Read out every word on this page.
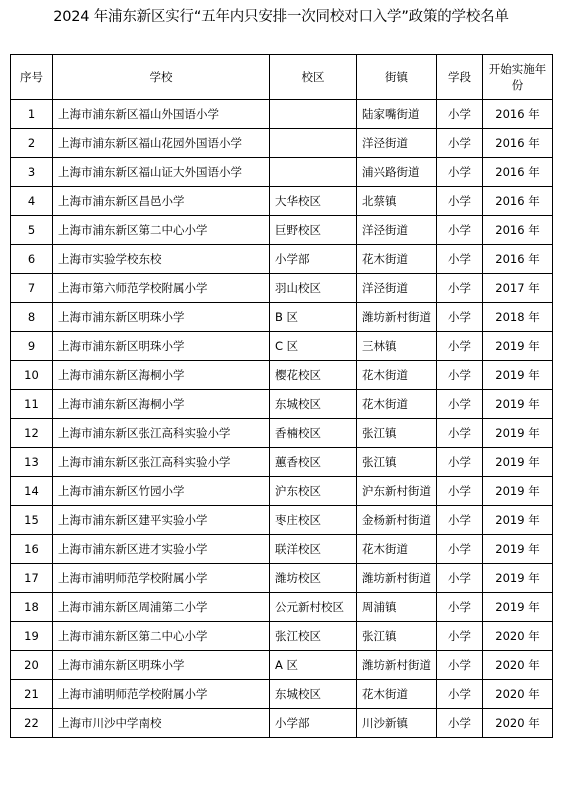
2024 年浦东新区实行“五年内只安排一次同校对口入学”政策的学校名单
序号	学校	校区	街镇	学段	开始实施年份
1	上海市浦东新区福山外国语小学		陆家嘴街道	小学	2016 年
2	上海市浦东新区福山花园外国语小学		洋泾街道	小学	2016 年
3	上海市浦东新区福山证大外国语小学		浦兴路街道	小学	2016 年
4	上海市浦东新区昌邑小学	大华校区	北蔡镇	小学	2016 年
5	上海市浦东新区第二中心小学	巨野校区	洋泾街道	小学	2016 年
6	上海市实验学校东校	小学部	花木街道	小学	2016 年
7	上海市第六师范学校附属小学	羽山校区	洋泾街道	小学	2017 年
8	上海市浦东新区明珠小学	B 区	潍坊新村街道	小学	2018 年
9	上海市浦东新区明珠小学	C 区	三林镇	小学	2019 年
10	上海市浦东新区海桐小学	樱花校区	花木街道	小学	2019 年
11	上海市浦东新区海桐小学	东城校区	花木街道	小学	2019 年
12	上海市浦东新区张江高科实验小学	香楠校区	张江镇	小学	2019 年
13	上海市浦东新区张江高科实验小学	蕙香校区	张江镇	小学	2019 年
14	上海市浦东新区竹园小学	沪东校区	沪东新村街道	小学	2019 年
15	上海市浦东新区建平实验小学	枣庄校区	金杨新村街道	小学	2019 年
16	上海市浦东新区进才实验小学	联洋校区	花木街道	小学	2019 年
17	上海市浦明师范学校附属小学	潍坊校区	潍坊新村街道	小学	2019 年
18	上海市浦东新区周浦第二小学	公元新村校区	周浦镇	小学	2019 年
19	上海市浦东新区第二中心小学	张江校区	张江镇	小学	2020 年
20	上海市浦东新区明珠小学	A 区	潍坊新村街道	小学	2020 年
21	上海市浦明师范学校附属小学	东城校区	花木街道	小学	2020 年
22	上海市川沙中学南校	小学部	川沙新镇	小学	2020 年
